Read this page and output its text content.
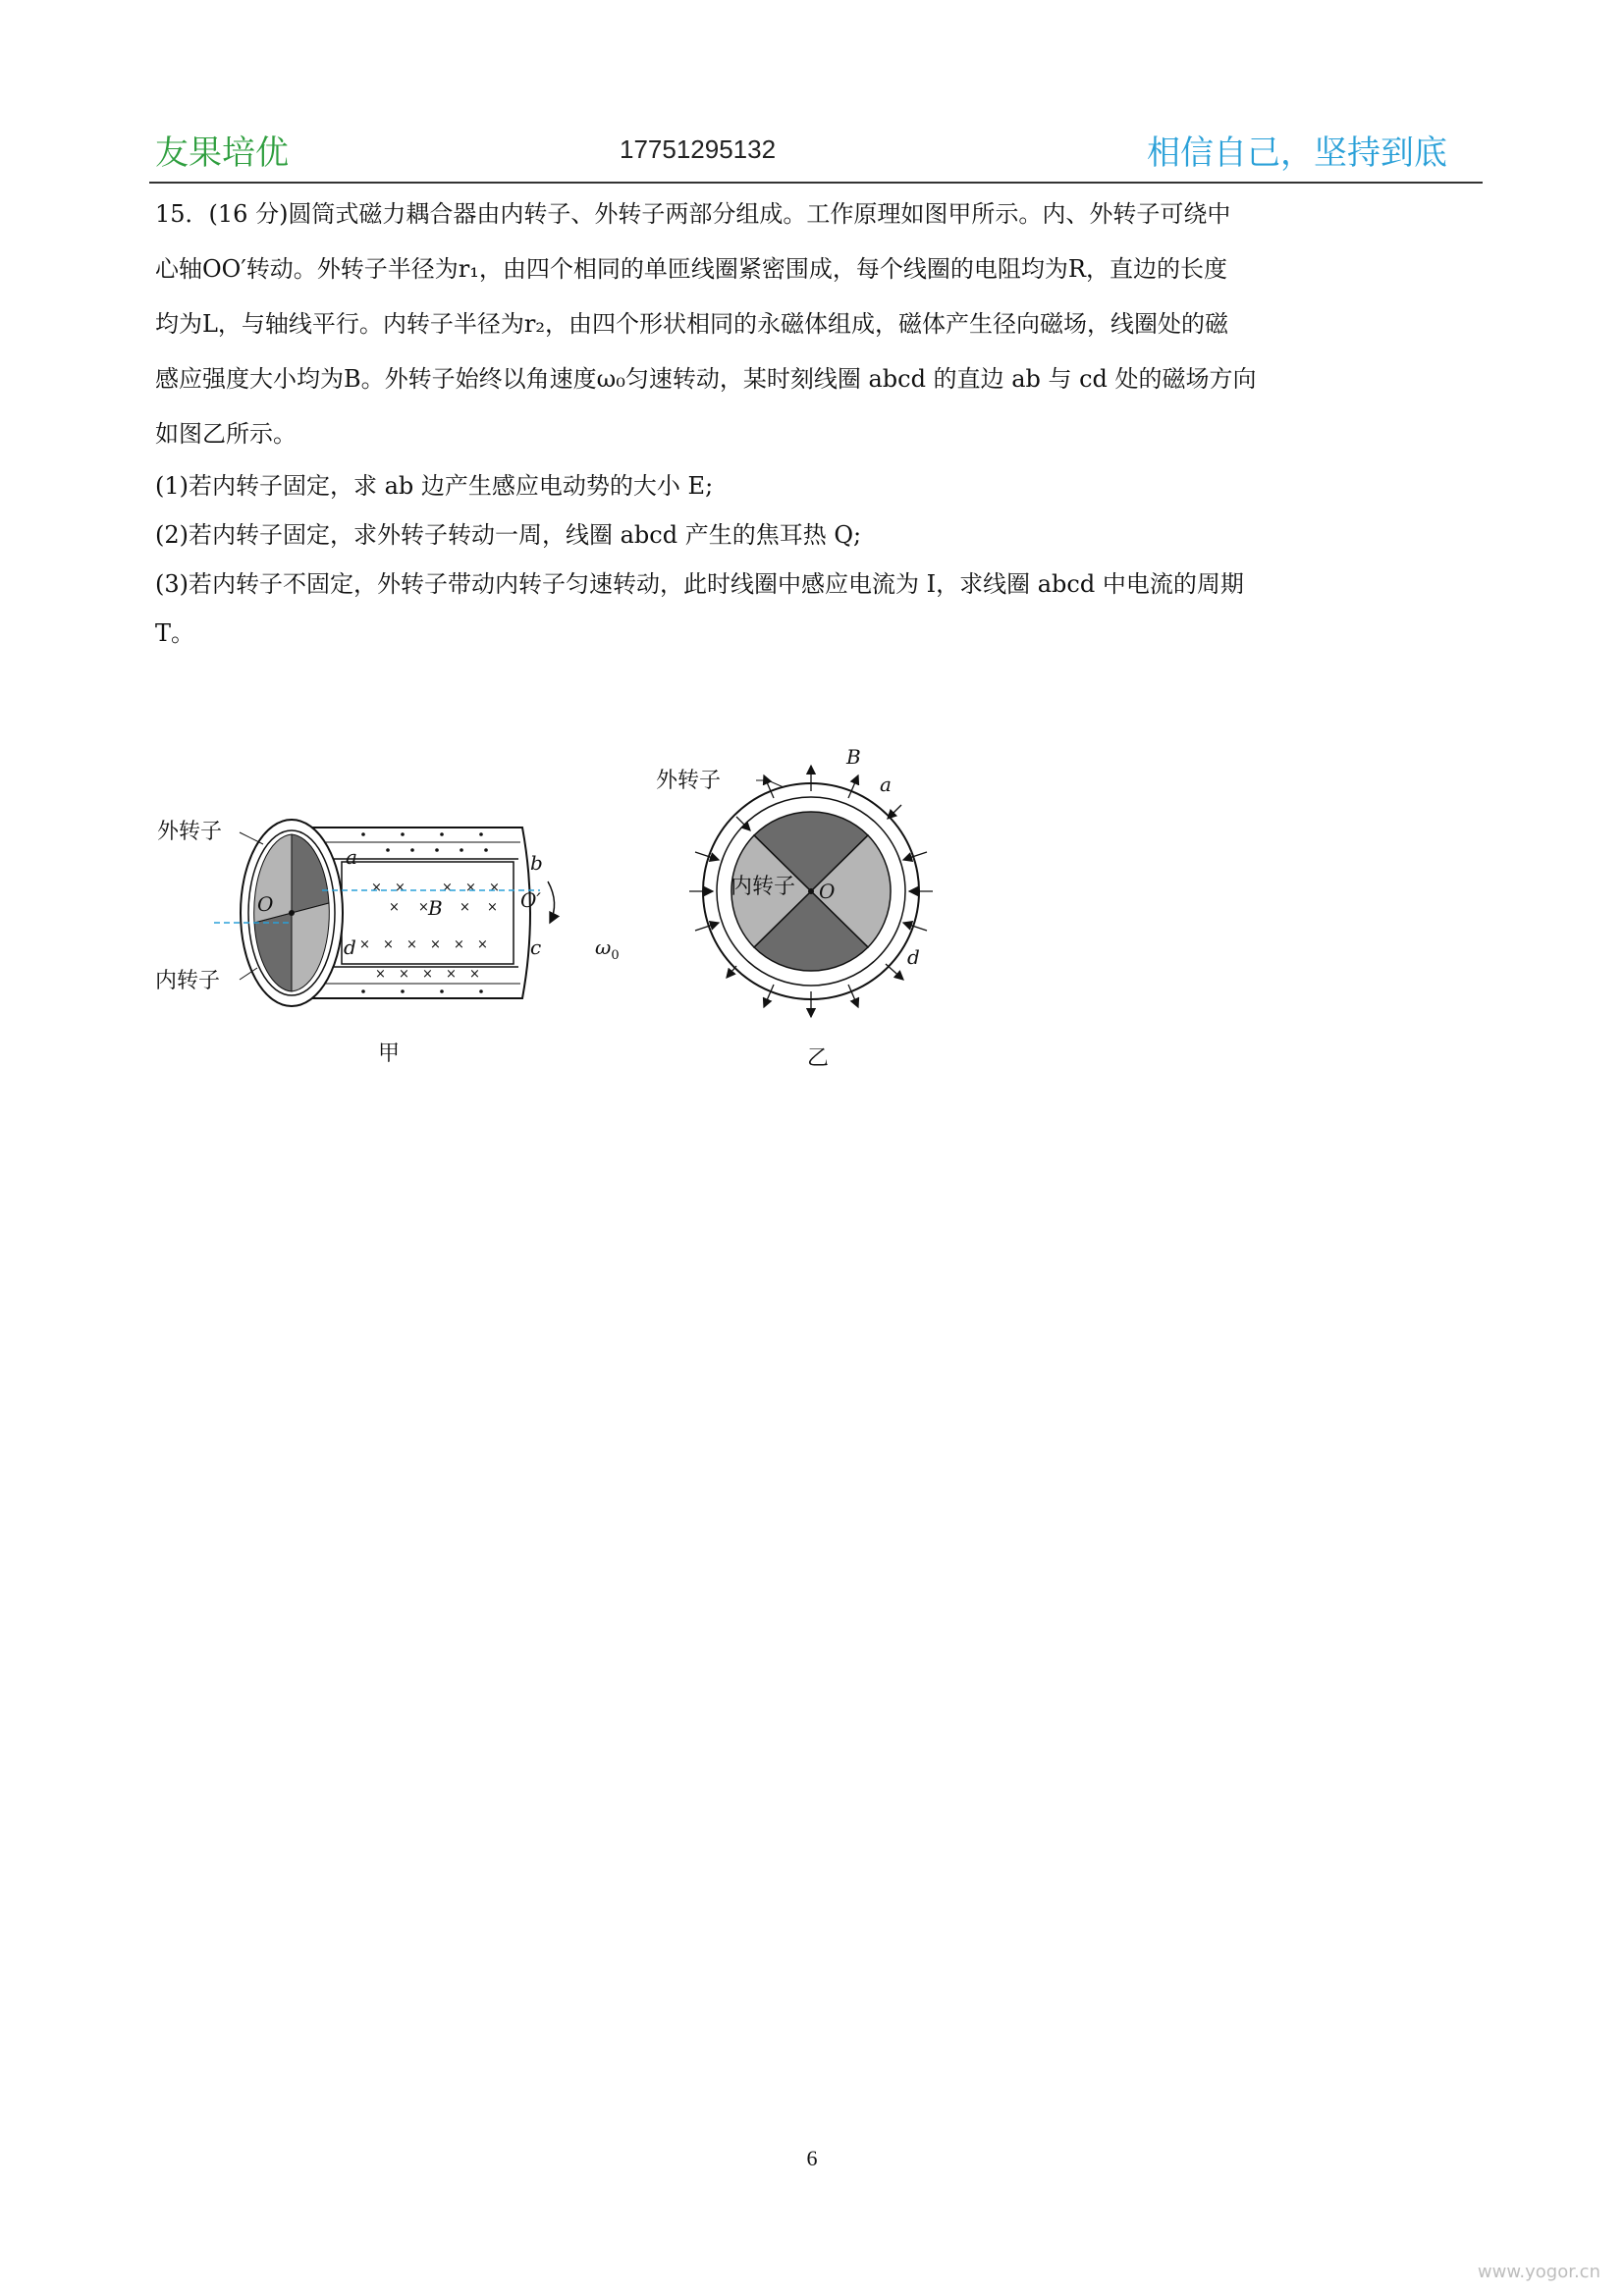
友果培优	17751295132	相信自己，坚持到底
15．(16 分)圆筒式磁力耦合器由内转子、外转子两部分组成。工作原理如图甲所示。内、外转子可绕中
心轴OO′转动。外转子半径为r₁，由四个相同的单匝线圈紧密围成，每个线圈的电阻均为R，直边的长度
均为L，与轴线平行。内转子半径为r₂，由四个形状相同的永磁体组成，磁体产生径向磁场，线圈处的磁
感应强度大小均为B。外转子始终以角速度ω₀匀速转动，某时刻线圈 abcd 的直边 ab 与 cd 处的磁场方向
如图乙所示。
(1)若内转子固定，求 ab 边产生感应电动势的大小 E;
(2)若内转子固定，求外转子转动一周，线圈 abcd 产生的焦耳热 Q;
(3)若内转子不固定，外转子带动内转子匀速转动，此时线圈中感应电流为 I，求线圈 abcd 中电流的周期
T。
× ×	× × ×
× × × ×
× × × × × ×
× × × × ×
外转子
内转子
O	O′
B
a	b
c
d	$\omega_0$
甲
外转子
内转子 O
B
a
d
乙
6
www.yogor.cn
